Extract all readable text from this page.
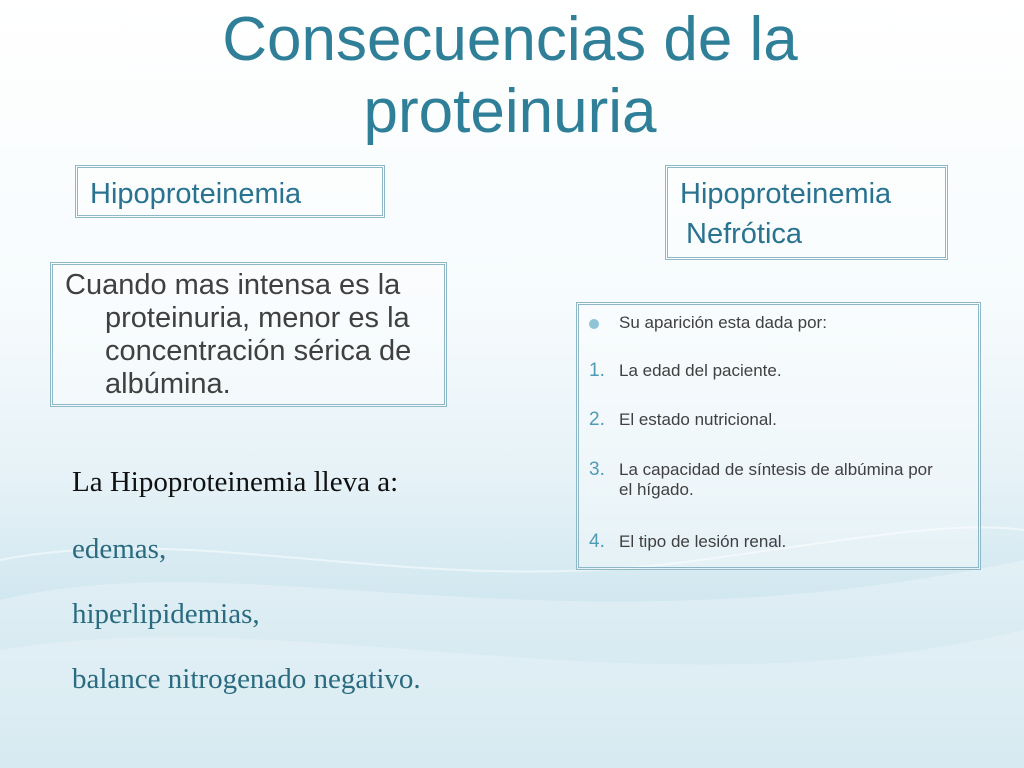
Consecuencias de la proteinuria
Hipoproteinemia	Hipoproteinemia
Nefrótica

Cuando mas intensa es la proteinuria, menor es la concentración sérica de albúmina.

Su aparición esta dada por:
1. La edad del paciente.
2. El estado nutricional.
3. La capacidad de síntesis de albúmina por el hígado.
4. El tipo de lesión renal.
La Hipoproteinemia lleva a:
edemas,
hiperlipidemias,
balance nitrogenado negativo.
